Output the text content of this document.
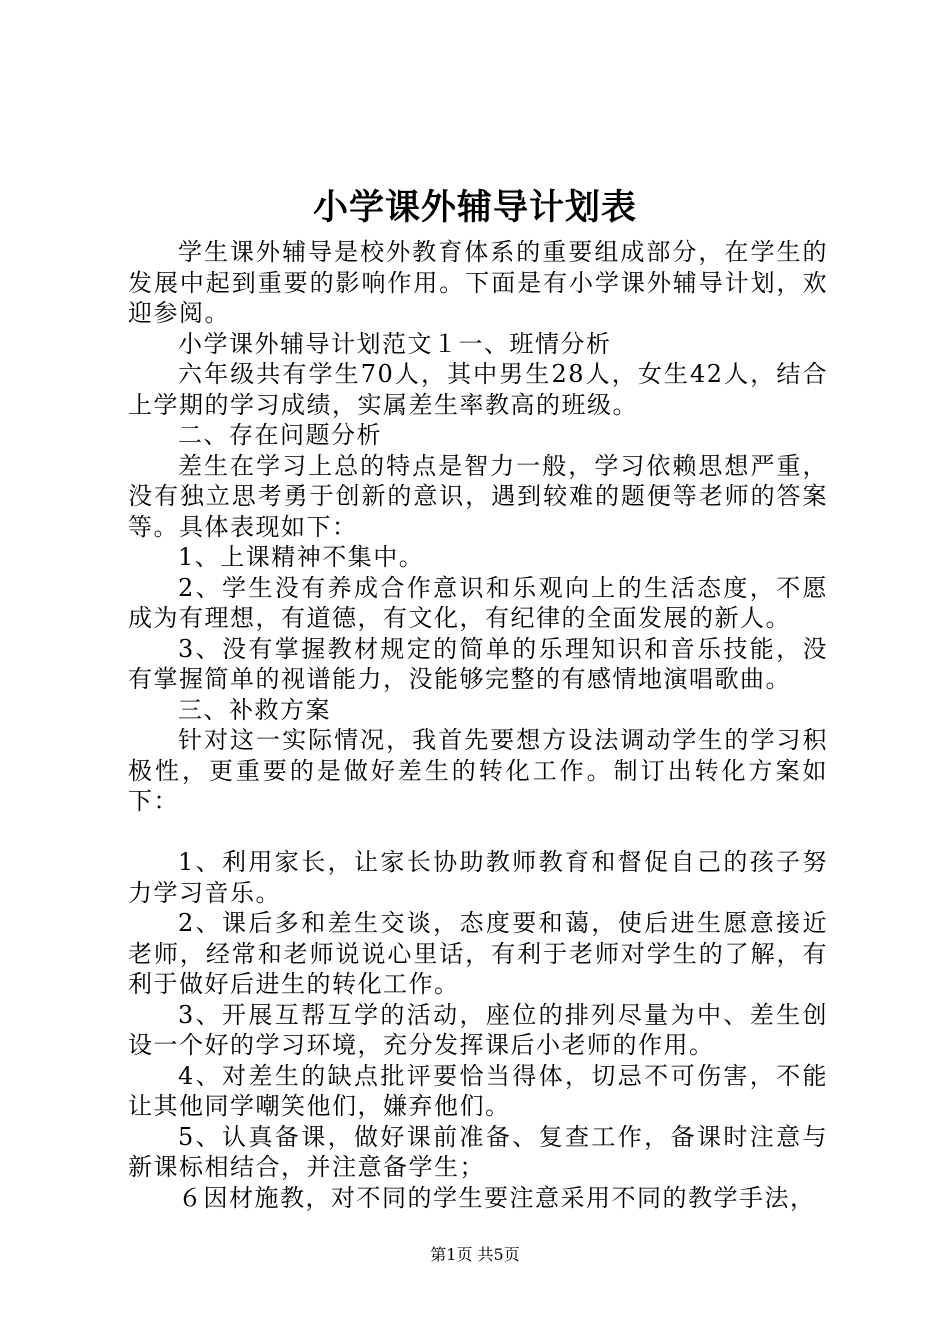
小学课外辅导计划表

学生课外辅导是校外教育体系的重要组成部分，在学生的发展中起到重要的影响作用。下面是有小学课外辅导计划，欢迎参阅。

小学课外辅导计划范文１一、班情分析

六年级共有学生70人，其中男生28人，女生42人，结合上学期的学习成绩，实属差生率教高的班级。

二、存在问题分析

差生在学习上总的特点是智力一般，学习依赖思想严重，没有独立思考勇于创新的意识，遇到较难的题便等老师的答案等。具体表现如下：

1、上课精神不集中。

2、学生没有养成合作意识和乐观向上的生活态度，不愿成为有理想，有道德，有文化，有纪律的全面发展的新人。

3、没有掌握教材规定的简单的乐理知识和音乐技能，没有掌握简单的视谱能力，没能够完整的有感情地演唱歌曲。

三、补救方案

针对这一实际情况，我首先要想方设法调动学生的学习积极性，更重要的是做好差生的转化工作。制订出转化方案如下：

1、利用家长，让家长协助教师教育和督促自己的孩子努力学习音乐。

2、课后多和差生交谈，态度要和蔼，使后进生愿意接近老师，经常和老师说说心里话，有利于老师对学生的了解，有利于做好后进生的转化工作。

3、开展互帮互学的活动，座位的排列尽量为中、差生创设一个好的学习环境，充分发挥课后小老师的作用。

4、对差生的缺点批评要恰当得体，切忌不可伤害，不能让其他同学嘲笑他们，嫌弃他们。

5、认真备课，做好课前准备、复查工作，备课时注意与新课标相结合，并注意备学生；

６因材施教，对不同的学生要注意采用不同的教学手法，

第1页 共5页
